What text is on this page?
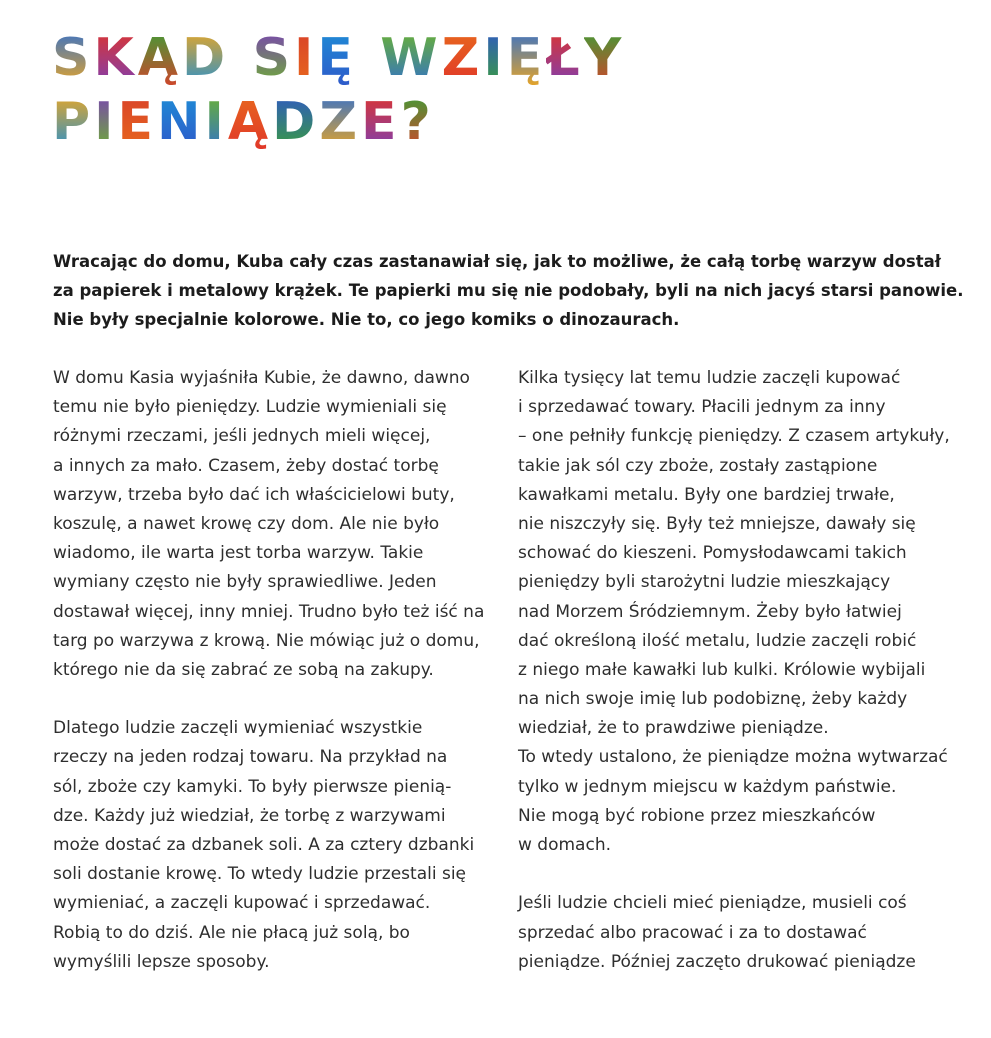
SKĄD SIĘ WZIĘŁY
PIENIĄDZE?
Wracając do domu, Kuba cały czas zastanawiał się, jak to możliwe, że całą torbę warzyw dostał
za papierek i metalowy krążek. Te papierki mu się nie podobały, byli na nich jacyś starsi panowie.
Nie były specjalnie kolorowe. Nie to, co jego komiks o dinozaurach.
W domu Kasia wyjaśniła Kubie, że dawno, dawno
temu nie było pieniędzy. Ludzie wymieniali się
różnymi rzeczami, jeśli jednych mieli więcej,
a innych za mało. Czasem, żeby dostać torbę
warzyw, trzeba było dać ich właścicielowi buty,
koszulę, a nawet krowę czy dom. Ale nie było
wiadomo, ile warta jest torba warzyw. Takie
wymiany często nie były sprawiedliwe. Jeden
dostawał więcej, inny mniej. Trudno było też iść na
targ po warzywa z krową. Nie mówiąc już o domu,
którego nie da się zabrać ze sobą na zakupy.
Dlatego ludzie zaczęli wymieniać wszystkie
rzeczy na jeden rodzaj towaru. Na przykład na
sól, zboże czy kamyki. To były pierwsze pienią-
dze. Każdy już wiedział, że torbę z warzywami
może dostać za dzbanek soli. A za cztery dzbanki
soli dostanie krowę. To wtedy ludzie przestali się
wymieniać, a zaczęli kupować i sprzedawać.
Robią to do dziś. Ale nie płacą już solą, bo
wymyślili lepsze sposoby.
Kilka tysięcy lat temu ludzie zaczęli kupować
i sprzedawać towary. Płacili jednym za inny
– one pełniły funkcję pieniędzy. Z czasem artykuły,
takie jak sól czy zboże, zostały zastąpione
kawałkami metalu. Były one bardziej trwałe,
nie niszczyły się. Były też mniejsze, dawały się
schować do kieszeni. Pomysłodawcami takich
pieniędzy byli starożytni ludzie mieszkający
nad Morzem Śródziemnym. Żeby było łatwiej
dać określoną ilość metalu, ludzie zaczęli robić
z niego małe kawałki lub kulki. Królowie wybijali
na nich swoje imię lub podobiznę, żeby każdy
wiedział, że to prawdziwe pieniądze.
To wtedy ustalono, że pieniądze można wytwarzać
tylko w jednym miejscu w każdym państwie.
Nie mogą być robione przez mieszkańców
w domach.
Jeśli ludzie chcieli mieć pieniądze, musieli coś
sprzedać albo pracować i za to dostawać
pieniądze. Później zaczęto drukować pieniądze
